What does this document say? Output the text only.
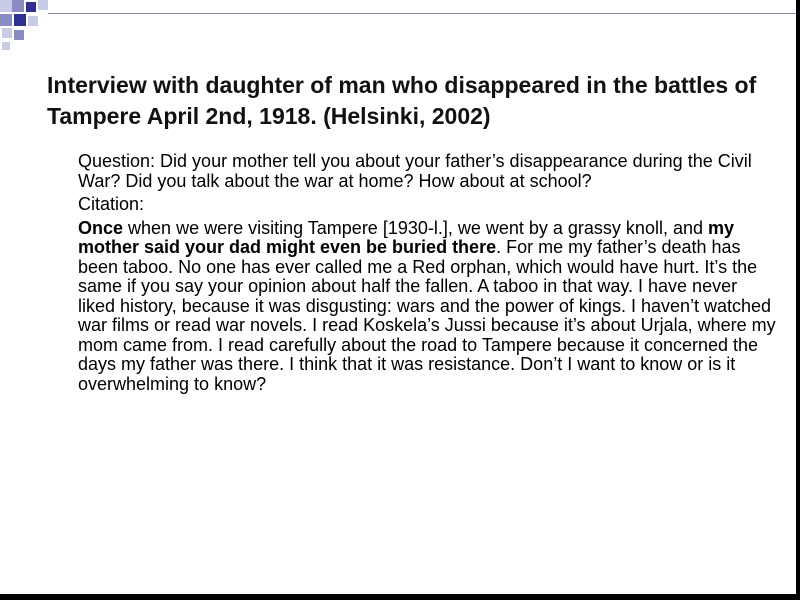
Interview with daughter of man who disappeared in the battles of Tampere April 2nd, 1918. (Helsinki, 2002)

Question: Did your mother tell you about your father’s disappearance during the Civil War? Did you talk about the war at home? How about at school?

Citation:

Once when we were visiting Tampere [1930-l.], we went by a grassy knoll, and my mother said your dad might even be buried there. For me my father’s death has been taboo. No one has ever called me a Red orphan, which would have hurt. It’s the same if you say your opinion about half the fallen. A taboo in that way. I have never liked history, because it was disgusting: wars and the power of kings. I haven’t watched war films or read war novels. I read Koskela’s Jussi because it’s about Urjala, where my mom came from. I read carefully about the road to Tampere because it concerned the days my father was there. I think that it was resistance. Don’t I want to know or is it overwhelming to know?
